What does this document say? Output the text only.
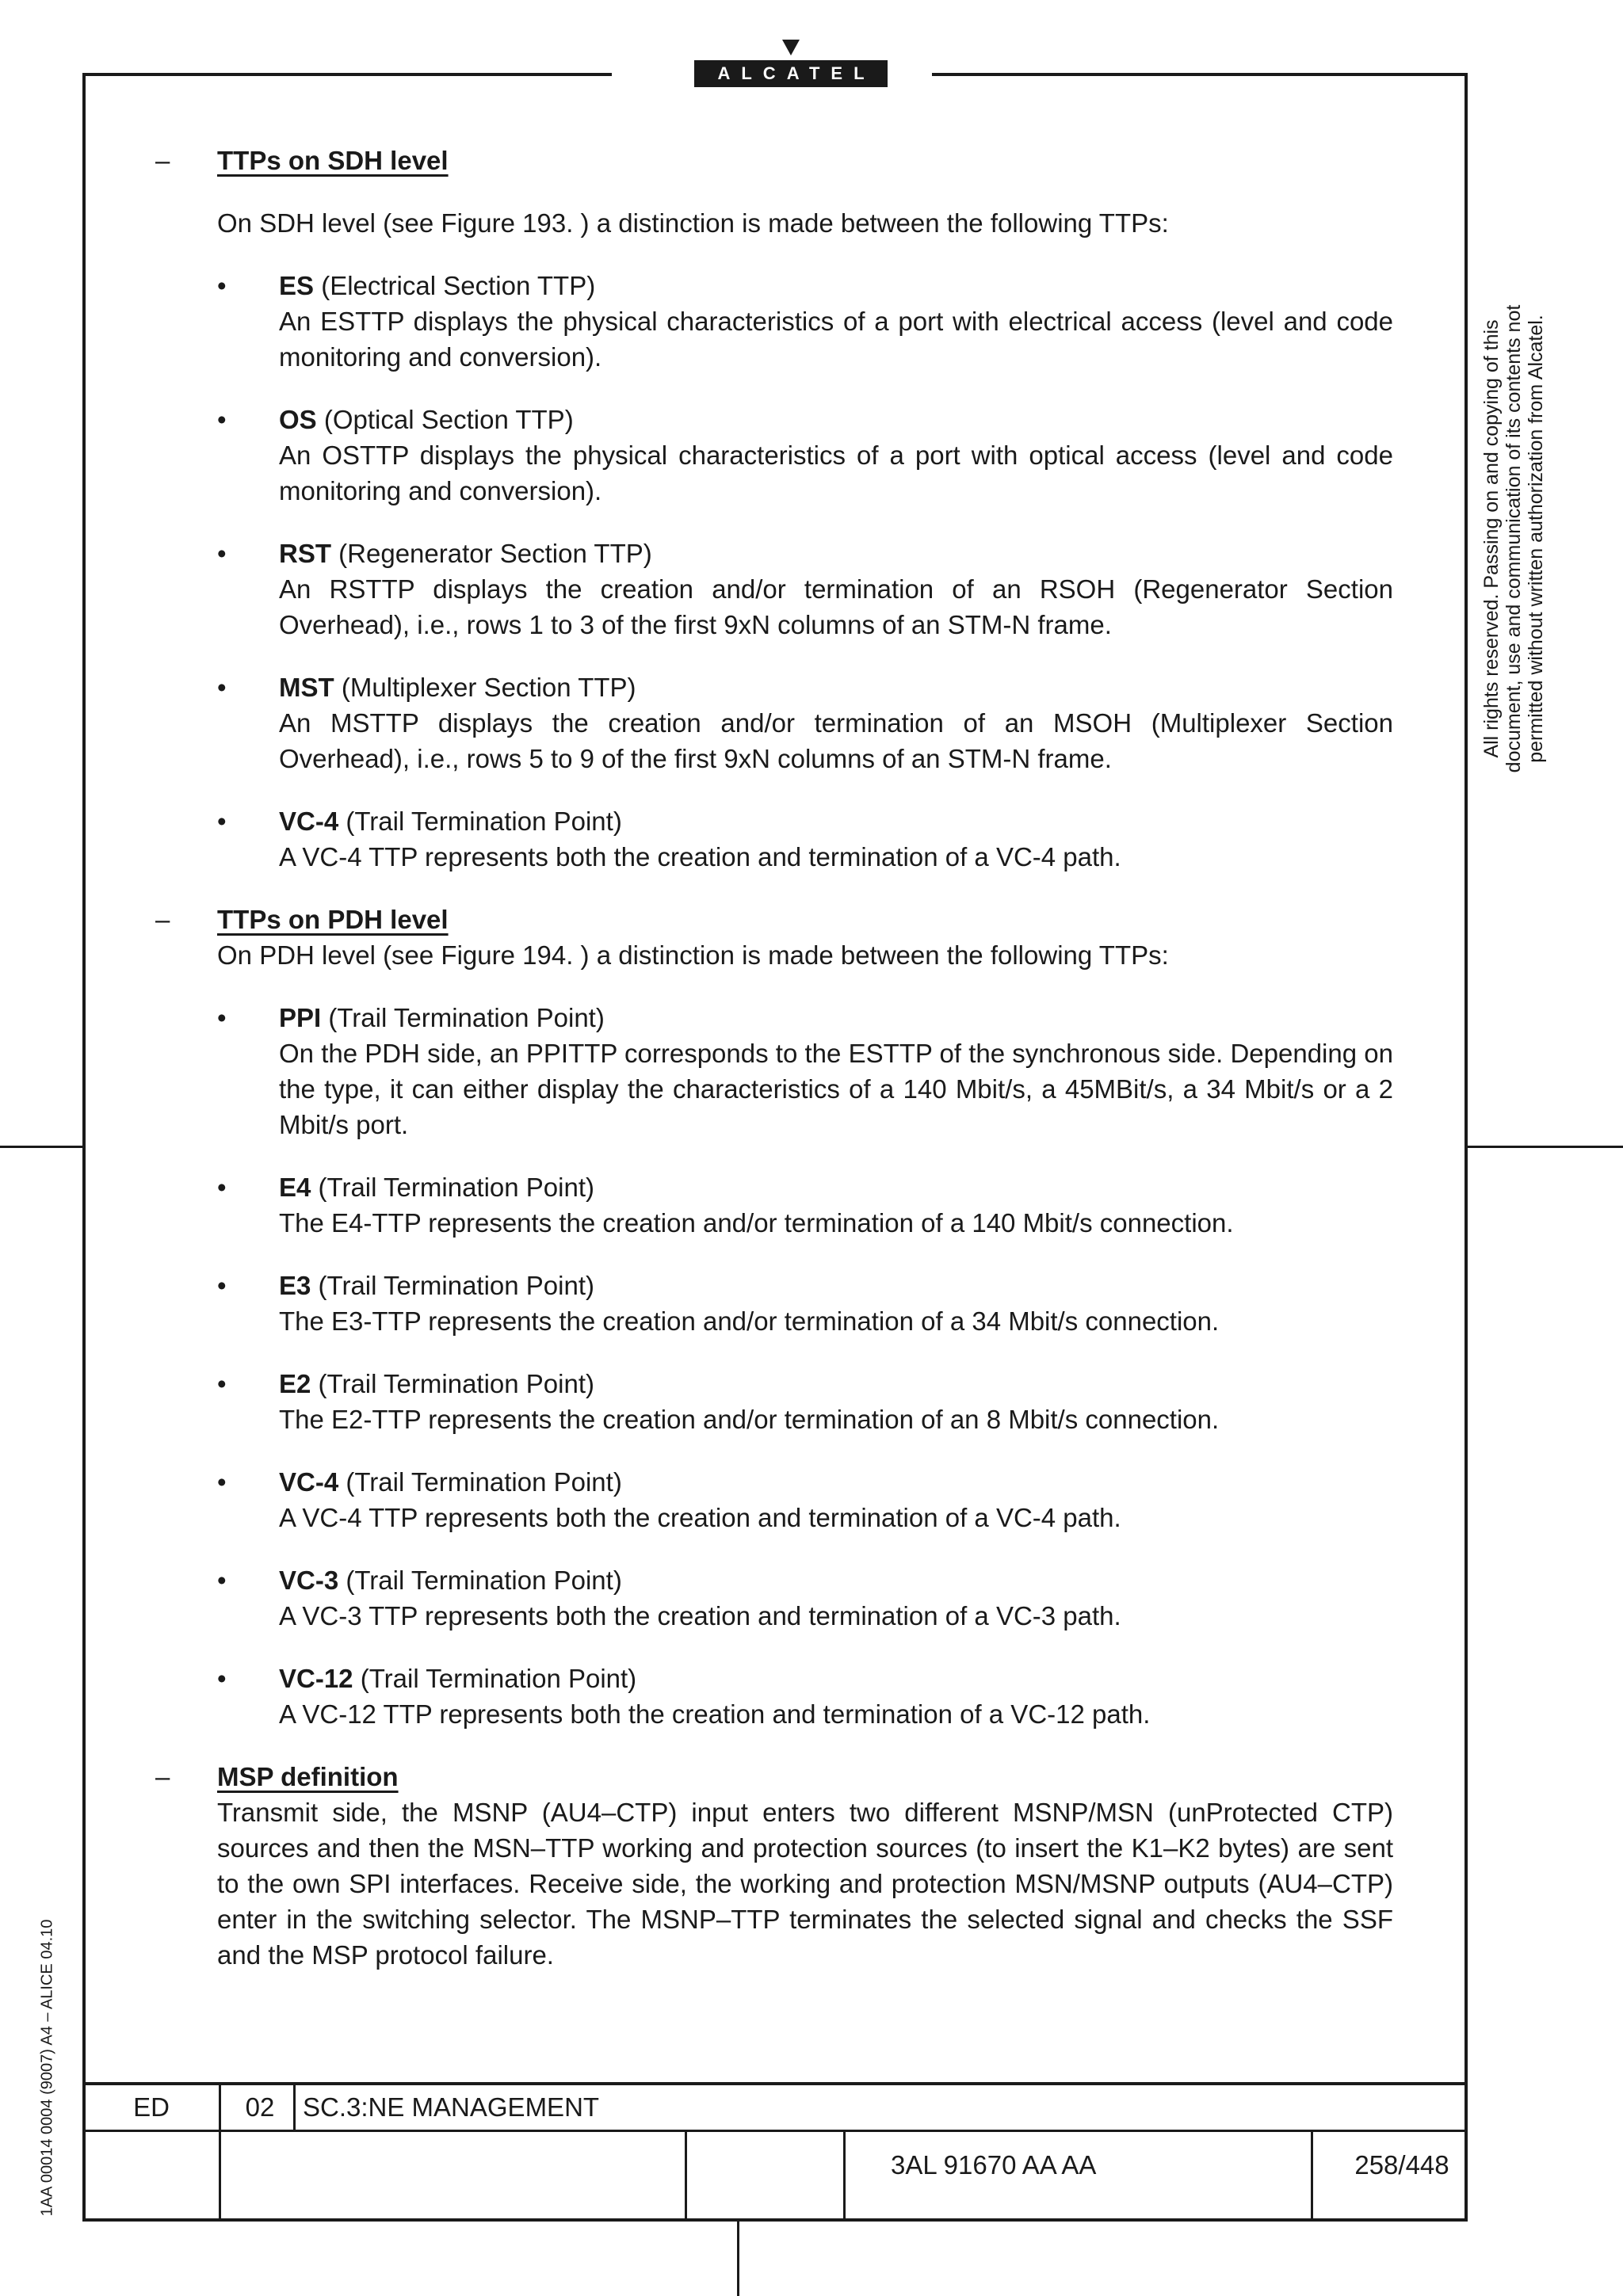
ALCATEL
All rights reserved. Passing on and copying of this document, use and communication of its contents not permitted without written authorization from Alcatel.
1AA 00014 0004 (9007) A4 – ALICE 04.10
–	TTPs on SDH level

On SDH level (see Figure 193. ) a distinction is made between the following TTPs:

• ES (Electrical Section TTP)

An ESTTP displays the physical characteristics of a port with electrical access (level and code monitoring and conversion).

• OS (Optical Section TTP)

An OSTTP displays the physical characteristics of a port with optical access (level and code monitoring and conversion).

• RST (Regenerator Section TTP)

An RSTTP displays the creation and/or termination of an RSOH (Regenerator Section Overhead), i.e., rows 1 to 3 of the first 9xN columns of an STM-N frame.

• MST (Multiplexer Section TTP)

An MSTTP displays the creation and/or termination of an MSOH (Multiplexer Section Overhead), i.e., rows 5 to 9 of the first 9xN columns of an STM-N frame.

• VC-4 (Trail Termination Point)

A VC-4 TTP represents both the creation and termination of a VC-4 path.

–	TTPs on PDH level

On PDH level (see Figure 194. ) a distinction is made between the following TTPs:

• PPI (Trail Termination Point)

On the PDH side, an PPITTP corresponds to the ESTTP of the synchronous side. Depending on the type, it can either display the characteristics of a 140 Mbit/s, a 45MBit/s, a 34 Mbit/s or a 2 Mbit/s port.

• E4 (Trail Termination Point)

The E4-TTP represents the creation and/or termination of a 140 Mbit/s connection.

• E3 (Trail Termination Point)

The E3-TTP represents the creation and/or termination of a 34 Mbit/s connection.

• E2 (Trail Termination Point)

The E2-TTP represents the creation and/or termination of an 8 Mbit/s connection.

• VC-4 (Trail Termination Point)

A VC-4 TTP represents both the creation and termination of a VC-4 path.

• VC-3 (Trail Termination Point)

A VC-3 TTP represents both the creation and termination of a VC-3 path.

• VC-12 (Trail Termination Point)

A VC-12 TTP represents both the creation and termination of a VC-12 path.

–	MSP definition

Transmit side, the MSNP (AU4–CTP) input enters two different MSNP/MSN (unProtected CTP) sources and then the MSN–TTP working and protection sources (to insert the K1–K2 bytes) are sent to the own SPI interfaces. Receive side, the working and protection MSN/MSNP outputs (AU4–CTP) enter in the switching selector. The MSNP–TTP terminates the selected signal and checks the SSF and the MSP protocol failure.

ED	02	SC.3:NE MANAGEMENT
3AL 91670 AA AA	258/448
